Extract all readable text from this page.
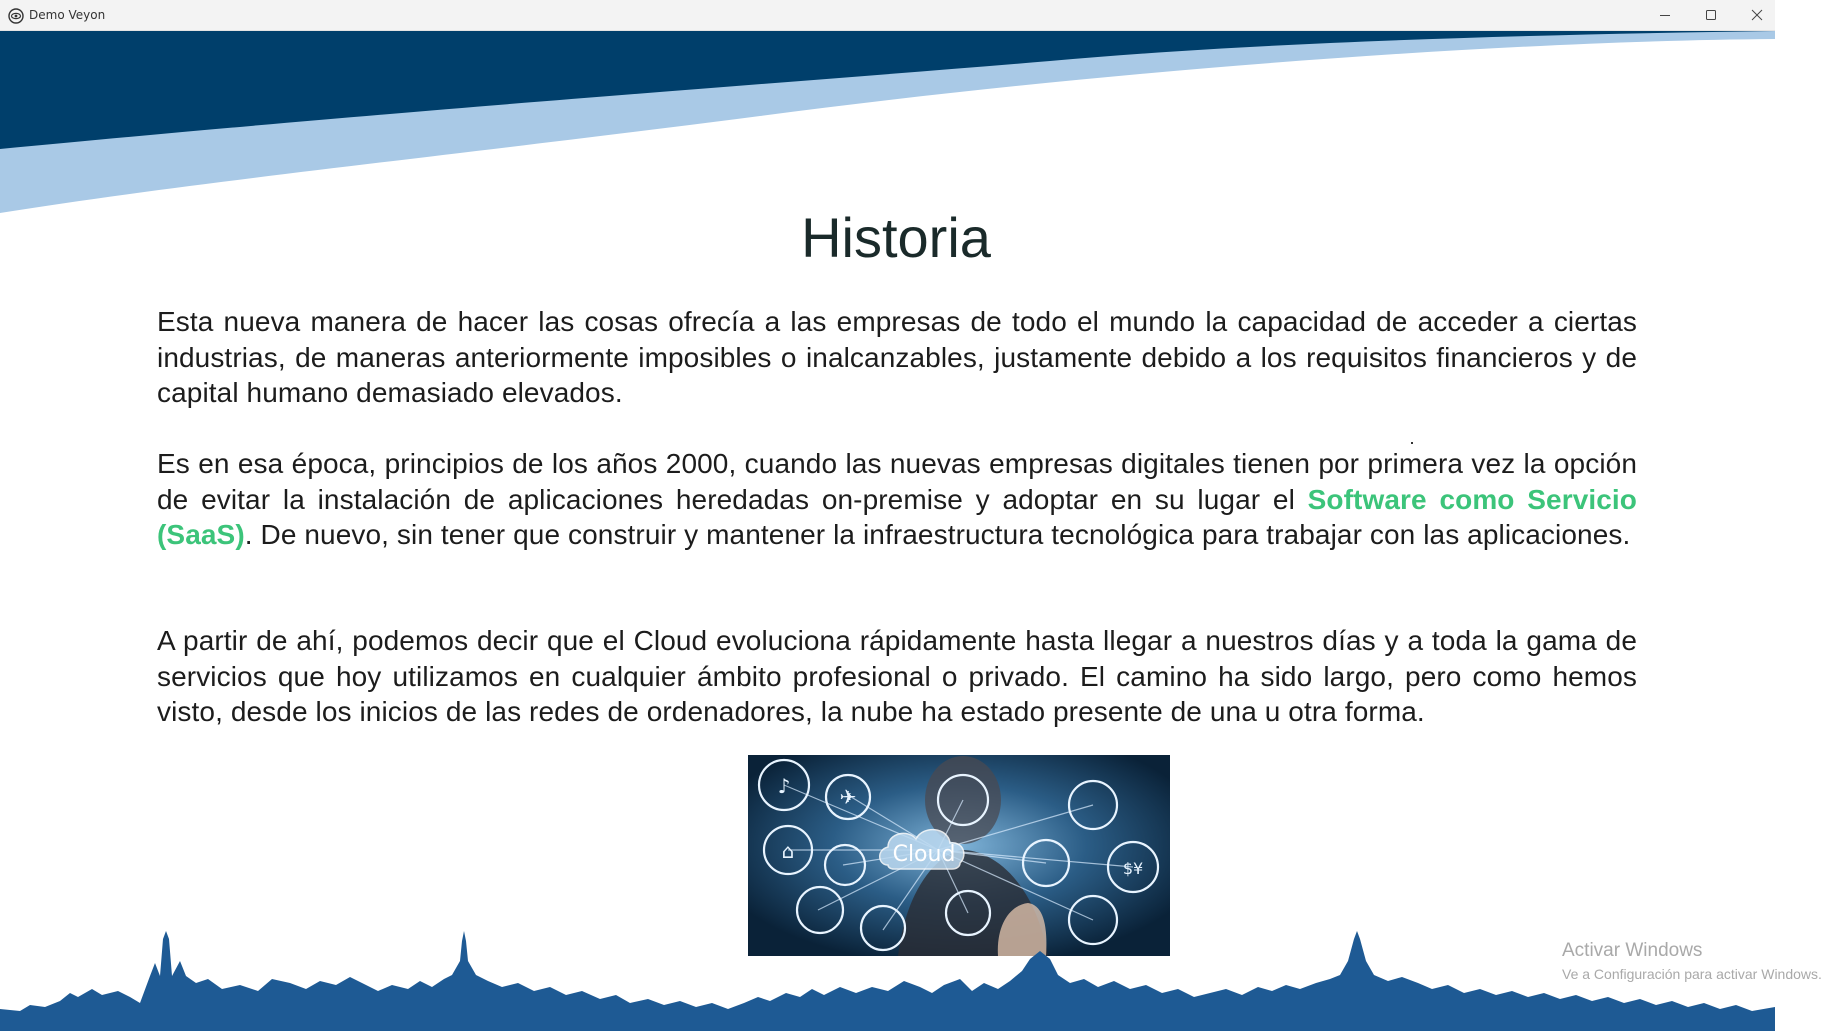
Demo Veyon
Historia
Esta nueva manera de hacer las cosas ofrecía a las empresas de todo el mundo la capacidad de acceder a ciertas industrias, de maneras anteriormente imposibles o inalcanzables, justamente debido a los requisitos financieros y de capital humano demasiado elevados.
Es en esa época, principios de los años 2000, cuando las nuevas empresas digitales tienen por primera vez la opción de evitar la instalación de aplicaciones heredadas on-premise y adoptar en su lugar el Software como Servicio (SaaS). De nuevo, sin tener que construir y mantener la infraestructura tecnológica para trabajar con las aplicaciones.
A partir de ahí, podemos decir que el Cloud evoluciona rápidamente hasta llegar a nuestros días y a toda la gama de servicios que hoy utilizamos en cualquier ámbito profesional o privado. El camino ha sido largo, pero como hemos visto, desde los inicios de las redes de ordenadores, la nube ha estado presente de una u otra forma.
♪ ✈
⌂
$¥
Cloud
Activar Windows
Ve a Configuración para activar Windows.
